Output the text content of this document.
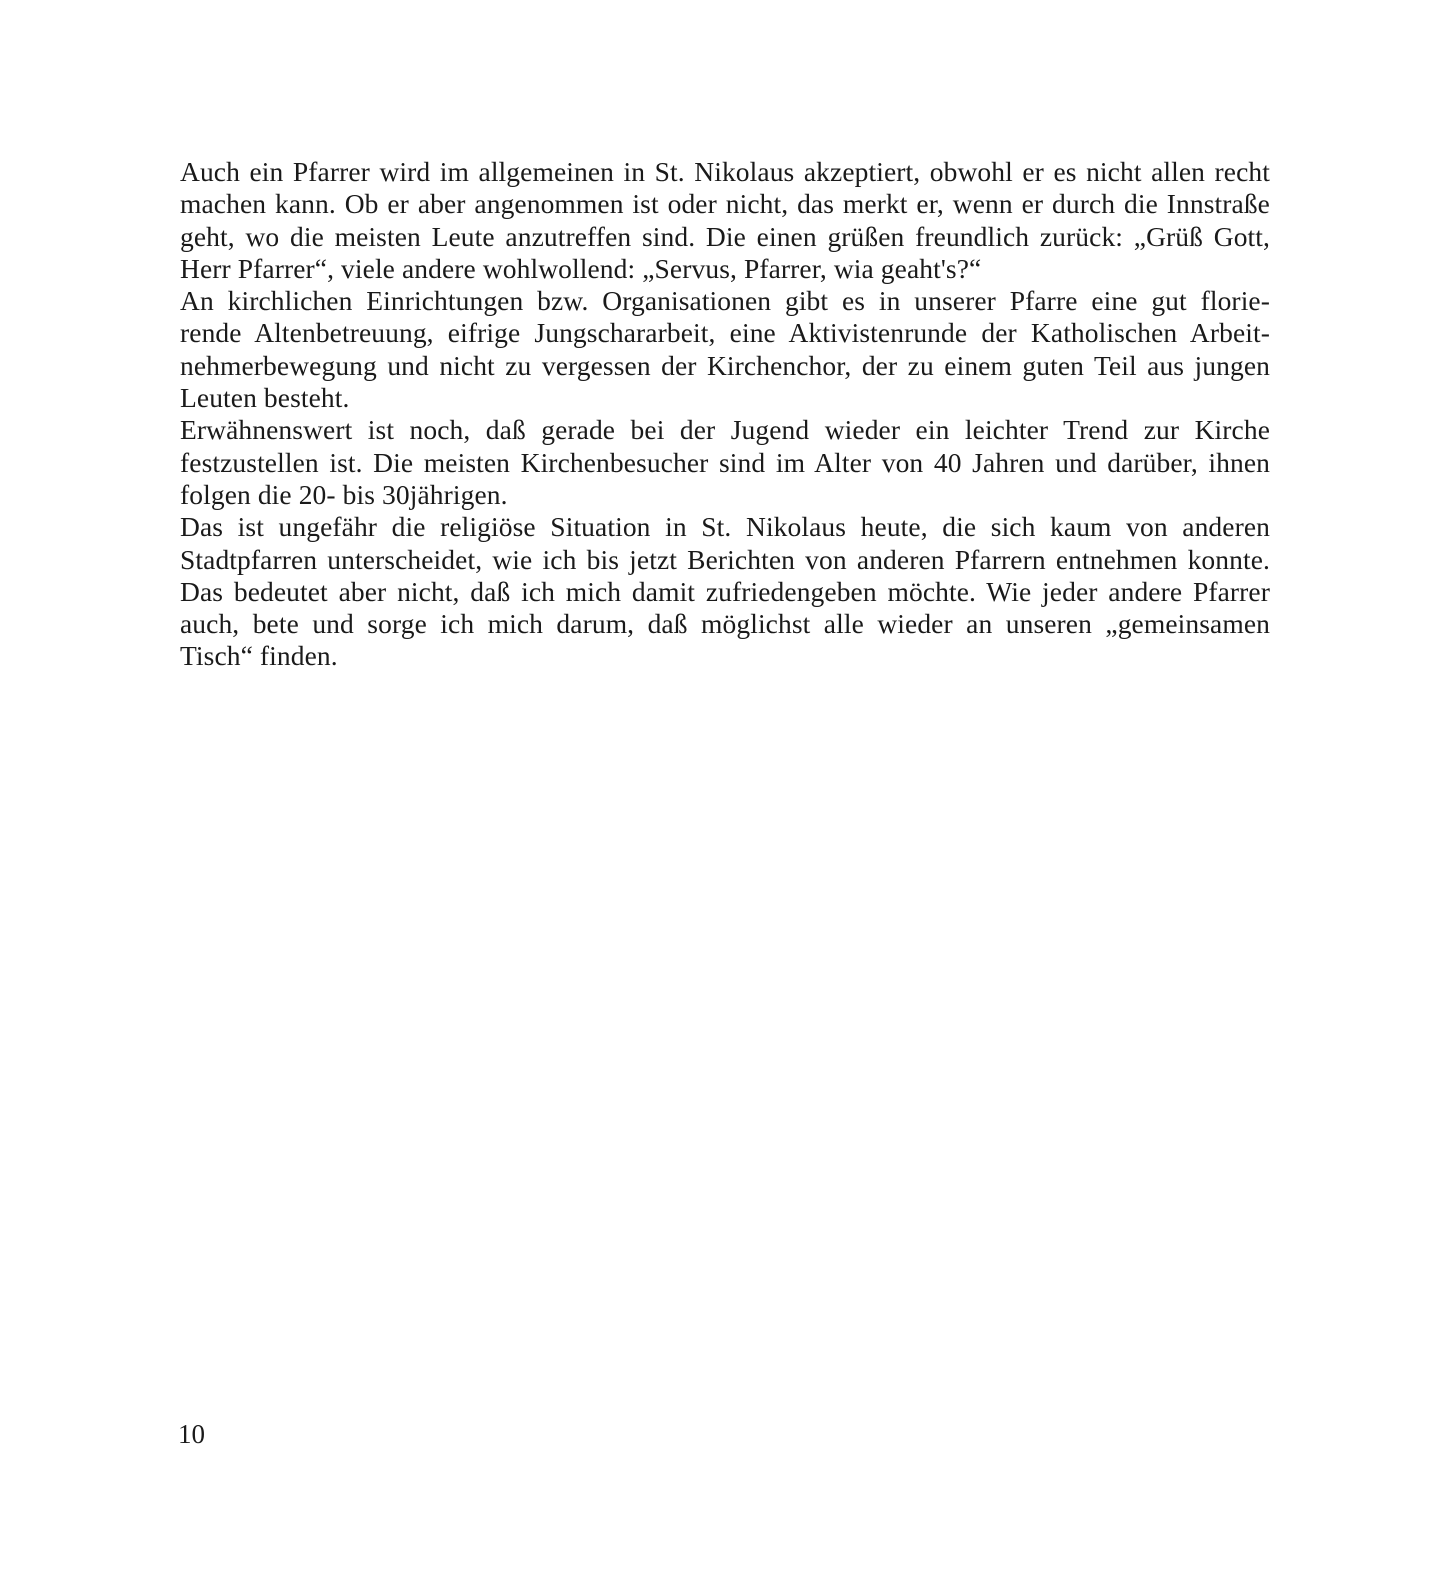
Auch ein Pfarrer wird im allgemeinen in St. Nikolaus akzeptiert, obwohl er es nicht allen recht
machen kann. Ob er aber angenommen ist oder nicht, das merkt er, wenn er durch die Innstraße
geht, wo die meisten Leute anzutreffen sind. Die einen grüßen freundlich zurück: „Grüß Gott,
Herr Pfarrer“, viele andere wohlwollend: „Servus, Pfarrer, wia geaht's?“
An kirchlichen Einrichtungen bzw. Organisationen gibt es in unserer Pfarre eine gut florie-
rende Altenbetreuung, eifrige Jungschararbeit, eine Aktivistenrunde der Katholischen Arbeit-
nehmerbewegung und nicht zu vergessen der Kirchenchor, der zu einem guten Teil aus jungen
Leuten besteht.
Erwähnenswert ist noch, daß gerade bei der Jugend wieder ein leichter Trend zur Kirche
festzustellen ist. Die meisten Kirchenbesucher sind im Alter von 40 Jahren und darüber, ihnen
folgen die 20- bis 30jährigen.
Das ist ungefähr die religiöse Situation in St. Nikolaus heute, die sich kaum von anderen
Stadtpfarren unterscheidet, wie ich bis jetzt Berichten von anderen Pfarrern entnehmen konnte.
Das bedeutet aber nicht, daß ich mich damit zufriedengeben möchte. Wie jeder andere Pfarrer
auch, bete und sorge ich mich darum, daß möglichst alle wieder an unseren „gemeinsamen
Tisch“ finden.
10
